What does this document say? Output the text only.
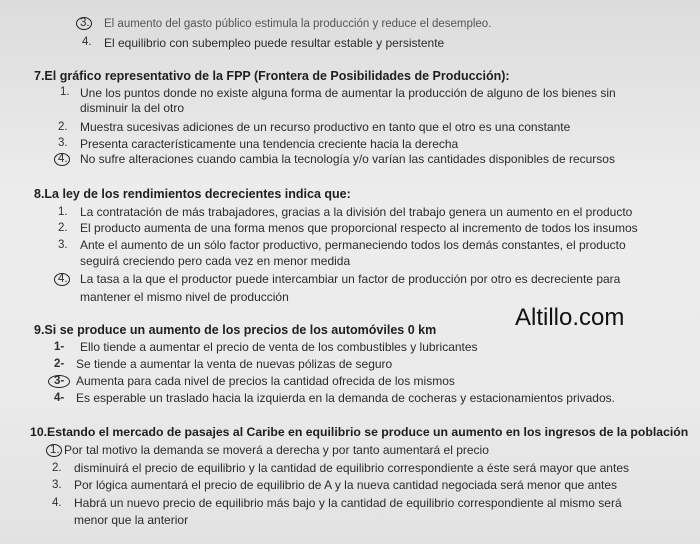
3. El aumento del gasto público estimula la producción y reduce el desempleo.
4. El equilibrio con subempleo puede resultar estable y persistente
7.El gráfico representativo de la FPP (Frontera de Posibilidades de Producción):
1. Une los puntos donde no existe alguna forma de aumentar la producción de alguno de los bienes sin
disminuir la del otro
2. Muestra sucesivas adiciones de un recurso productivo en tanto que el otro es una constante
3. Presenta característicamente una tendencia creciente hacia la derecha
4. No sufre alteraciones cuando cambia la tecnología y/o varían las cantidades disponibles de recursos
8.La ley de los rendimientos decrecientes indica que:
1. La contratación de más trabajadores, gracias a la división del trabajo genera un aumento en el producto
2. El producto aumenta de una forma menos que proporcional respecto al incremento de todos los insumos
3. Ante el aumento de un sólo factor productivo, permaneciendo todos los demás constantes, el producto
seguirá creciendo pero cada vez en menor medida
4. La tasa a la que el productor puede intercambiar un factor de producción por otro es decreciente para
mantener el mismo nivel de producción
Altillo.com
9.Si se produce un aumento de los precios de los automóviles 0 km
1- Ello tiende a aumentar el precio de venta de los combustibles y lubricantes
2- Se tiende a aumentar la venta de nuevas pólizas de seguro
3- Aumenta para cada nivel de precios la cantidad ofrecida de los mismos
4- Es esperable un traslado hacia la izquierda en la demanda de cocheras y estacionamientos privados.
10.Estando el mercado de pasajes al Caribe en equilibrio se produce un aumento en los ingresos de la población
1. Por tal motivo la demanda se moverá a derecha y por tanto aumentará el precio
2. disminuirá el precio de equilibrio y la cantidad de equilibrio correspondiente a éste será mayor que antes
3. Por lógica aumentará el precio de equilibrio de A y la nueva cantidad negociada será menor que antes
4. Habrá un nuevo precio de equilibrio más bajo y la cantidad de equilibrio correspondiente al mismo será
menor que la anterior
